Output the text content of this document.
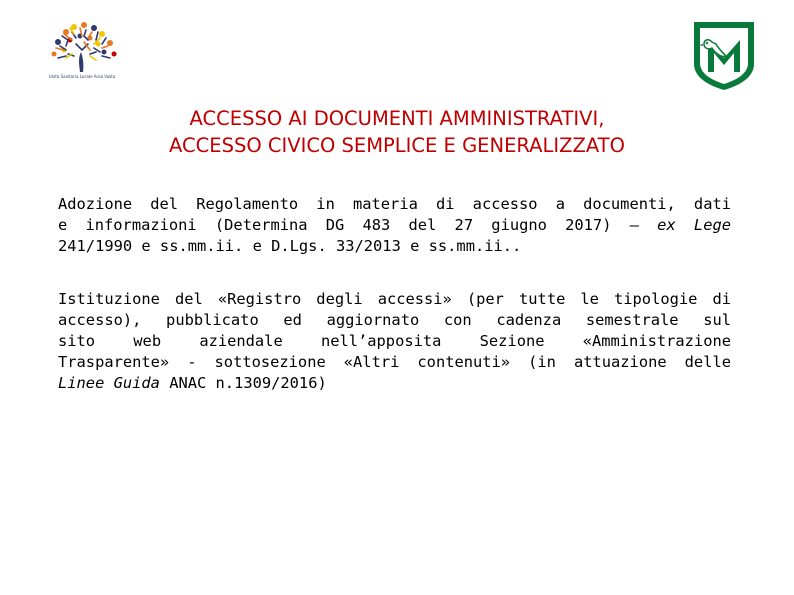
Unità Sanitaria Locale Area Vasta
ACCESSO AI DOCUMENTI AMMINISTRATIVI,
ACCESSO CIVICO SEMPLICE E GENERALIZZATO
Adozione del Regolamento in materia di accesso a documenti, dati
e informazioni (Determina DG 483 del 27 giugno 2017) – ex Lege
241/1990 e ss.mm.ii. e D.Lgs. 33/2013 e ss.mm.ii..
Istituzione del «Registro degli accessi» (per tutte le tipologie di
accesso), pubblicato ed aggiornato con cadenza semestrale sul
sito web aziendale nell’apposita Sezione «Amministrazione
Trasparente» - sottosezione «Altri contenuti» (in attuazione delle
Linee Guida ANAC n.1309/2016)
